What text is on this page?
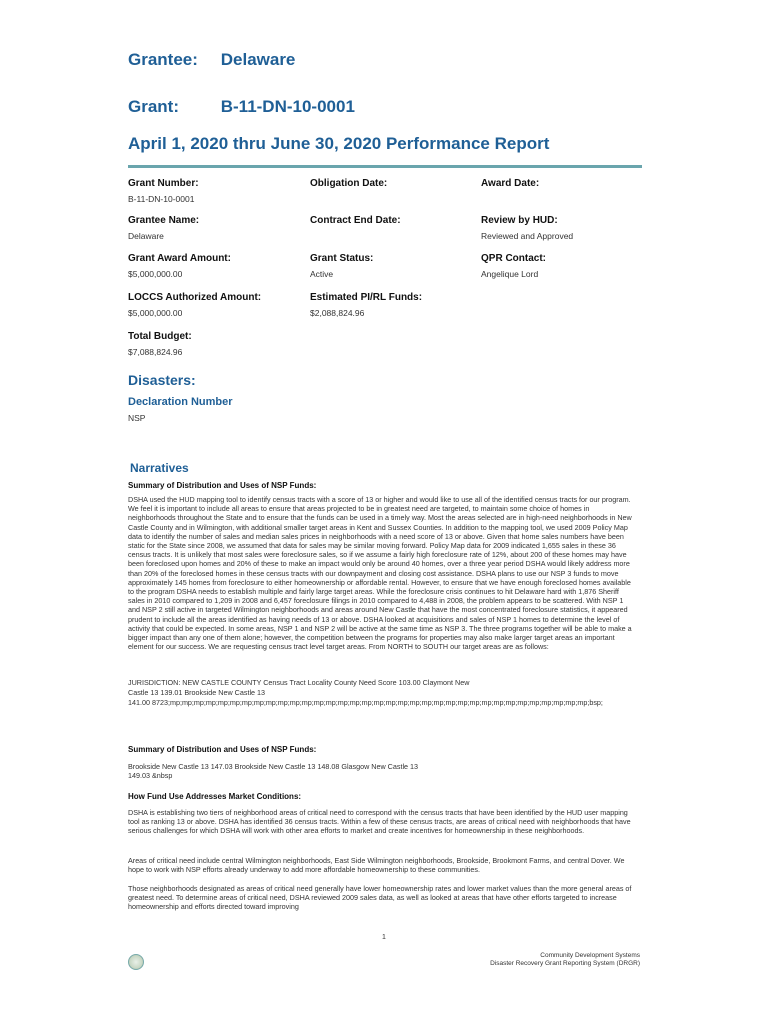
Grantee: Delaware
Grant: B-11-DN-10-0001
April 1, 2020 thru June 30, 2020 Performance Report
Grant Number:
B-11-DN-10-0001
Obligation Date:	Award Date:
Grantee Name:
Delaware
Contract End Date:	Review by HUD:
Reviewed and Approved
Grant Award Amount:
$5,000,000.00
Grant Status:
Active
QPR Contact:
Angelique Lord
LOCCS Authorized Amount:
$5,000,000.00
Estimated PI/RL Funds:
$2,088,824.96
Total Budget:
$7,088,824.96
Disasters:
Declaration Number
NSP
Narratives
Summary of Distribution and Uses of NSP Funds:
DSHA used the HUD mapping tool to identify census tracts with a score of 13 or higher and would like to use all of the identified census tracts for our program. We feel it is important to include all areas to ensure that areas projected to be in greatest need are targeted, to maintain some choice of homes in neighborhoods throughout the State and to ensure that the funds can be used in a timely way. Most the areas selected are in high-need neighborhoods in New Castle County and in Wilmington, with additional smaller target areas in Kent and Sussex Counties. In addition to the mapping tool, we used 2009 Policy Map data to identify the number of sales and median sales prices in neighborhoods with a need score of 13 or above. Given that home sales numbers have been static for the State since 2008, we assumed that data for sales may be similar moving forward. Policy Map data for 2009 indicated 1,655 sales in these 36 census tracts. It is unlikely that most sales were foreclosure sales, so if we assume a fairly high foreclosure rate of 12%, about 200 of these homes may have been foreclosed upon homes and 20% of these to make an impact would only be around 40 homes, over a three year period DSHA would likely address more than 20% of the foreclosed homes in these census tracts with our downpayment and closing cost assistance. DSHA plans to use our NSP 3 funds to move approximately 145 homes from foreclosure to either homeownership or affordable rental. However, to ensure that we have enough foreclosed homes available to the program DSHA needs to establish multiple and fairly large target areas. While the foreclosure crisis continues to hit Delaware hard with 1,876 Sheriff sales in 2010 compared to 1,209 in 2008 and 6,457 foreclosure filings in 2010 compared to 4,488 in 2008, the problem appears to be scattered. With NSP 1 and NSP 2 still active in targeted Wilmington neighborhoods and areas around New Castle that have the most concentrated foreclosure statistics, it appeared prudent to include all the areas identified as having needs of 13 or above. DSHA looked at acquisitions and sales of NSP 1 homes to determine the level of activity that could be expected. In some areas, NSP 1 and NSP 2 will be active at the same time as NSP 3. The three programs together will be able to make a bigger impact than any one of them alone; however, the competition between the programs for properties may also make larger target areas an important element for our success. We are requesting census tract level target areas. From NORTH to SOUTH our target areas are as follows:
JURISDICTION: NEW CASTLE COUNTY Census Tract Locality County Need Score 103.00 Claymont New
Castle 13 139.01 Brookside New Castle 13
141.00 8723;mp;mp;mp;mp;mp;mp;mp;mp;mp;mp;mp;mp;mp;mp;mp;mp;mp;mp;mp;mp;mp;mp;mp;mp;mp;mp;mp;mp;mp;mp;mp;mp;mp;mp;mp;bsp;
Summary of Distribution and Uses of NSP Funds:
Brookside New Castle 13 147.03 Brookside New Castle 13 148.08 Glasgow New Castle 13
149.03 &nbsp
How Fund Use Addresses Market Conditions:
DSHA is establishing two tiers of neighborhood areas of critical need to correspond with the census tracts that have been identified by the HUD user mapping tool as ranking 13 or above. DSHA has identified 36 census tracts. Within a few of these census tracts, are areas of critical need with neighborhoods that have serious challenges for which DSHA will work with other area efforts to market and create incentives for homeownership in these neighborhoods.
Areas of critical need include central Wilmington neighborhoods, East Side Wilmington neighborhoods, Brookside, Brookmont Farms, and central Dover. We hope to work with NSP efforts already underway to add more affordable homeownership to these communities.
Those neighborhoods designated as areas of critical need generally have lower homeownership rates and lower market values than the more general areas of greatest need. To determine areas of critical need, DSHA reviewed 2009 sales data, as well as looked at areas that have other efforts targeted to increase homeownership and efforts directed toward improving
1
Community Development Systems
Disaster Recovery Grant Reporting System (DRGR)
